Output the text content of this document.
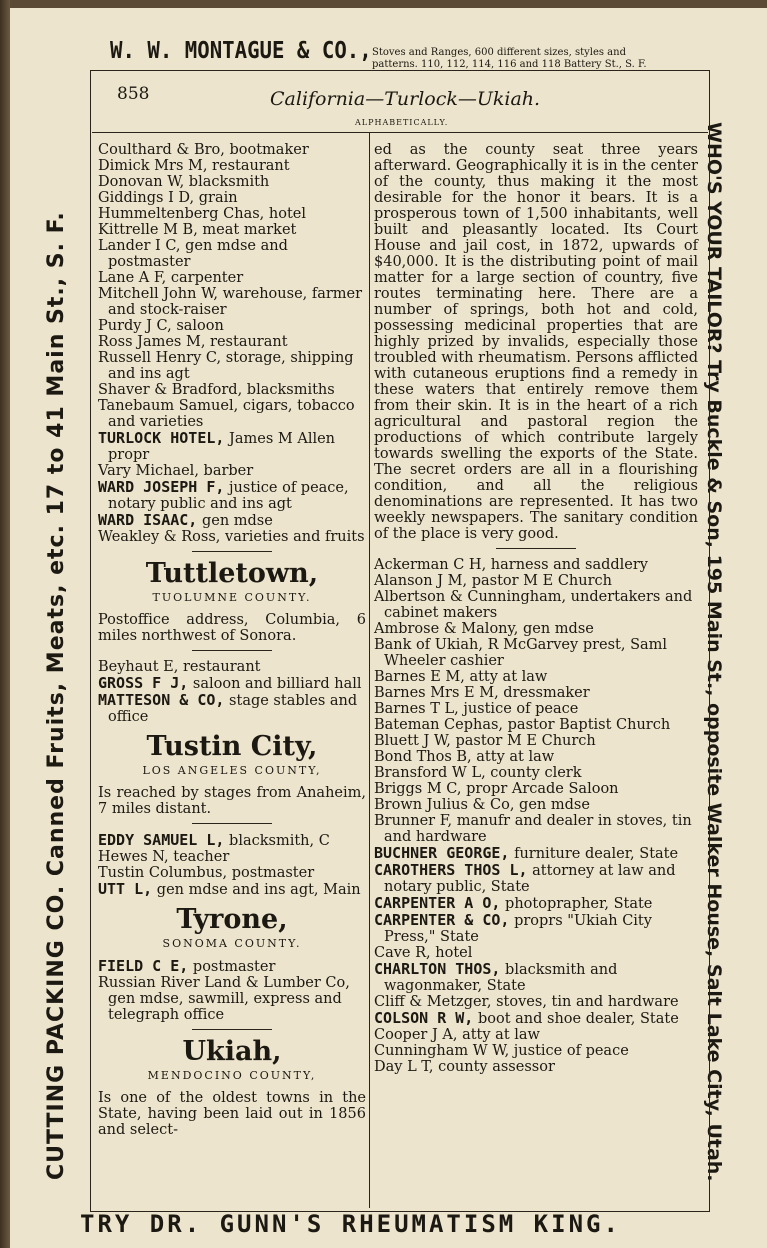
W. W. MONTAGUE & CO., Stoves and Ranges, 600 different sizes, styles and
patterns. 110, 112, 114, 116 and 118 Battery St., S. F.
CUTTING PACKING CO. Canned Fruits, Meats, etc. 17 to 41 Main St., S. F.	WHO'S YOUR TAILOR? Try Buckle & Son, 195 Main St., opposite Walker House, Salt Lake City, Utah.
TRY DR. GUNN'S RHEUMATISM KING.
858	California—Turlock—Ukiah.
ALPHABETICALLY.

Coulthard & Bro, bootmaker

Dimick Mrs M, restaurant

Donovan W, blacksmith

Giddings I D, grain

Hummeltenberg Chas, hotel

Kittrelle M B, meat market

Lander I C, gen mdse and postmaster

Lane A F, carpenter

Mitchell John W, warehouse, farmer and stock-raiser

Purdy J C, saloon

Ross James M, restaurant

Russell Henry C, storage, shipping and ins agt

Shaver & Bradford, blacksmiths

Tanebaum Samuel, cigars, tobacco and varieties

TURLOCK HOTEL, James M Allen propr

Vary Michael, barber

WARD JOSEPH F, justice of peace, notary public and ins agt

WARD ISAAC, gen mdse

Weakley & Ross, varieties and fruits

Tuttletown,
TUOLUMNE COUNTY.

Postoffice address, Columbia, 6 miles northwest of Sonora.

Beyhaut E, restaurant

GROSS F J, saloon and billiard hall

MATTESON & CO, stage stables and office

Tustin City,
LOS ANGELES COUNTY,

Is reached by stages from Anaheim, 7 miles distant.

EDDY SAMUEL L, blacksmith, C

Hewes N, teacher

Tustin Columbus, postmaster

UTT L, gen mdse and ins agt, Main

Tyrone,
SONOMA COUNTY.

FIELD C E, postmaster

Russian River Land & Lumber Co, gen mdse, sawmill, express and telegraph office

Ukiah,
MENDOCINO COUNTY,

Is one of the oldest towns in the State, having been laid out in 1856 and select-

ed as the county seat three years afterward. Geographically it is in the center of the county, thus making it the most desirable for the honor it bears. It is a prosperous town of 1,500 inhabitants, well built and pleasantly located. Its Court House and jail cost, in 1872, upwards of $40,000. It is the distributing point of mail matter for a large section of country, five routes terminating here. There are a number of springs, both hot and cold, possessing medicinal properties that are highly prized by invalids, especially those troubled with rheumatism. Persons afflicted with cutaneous eruptions find a remedy in these waters that entirely remove them from their skin. It is in the heart of a rich agricultural and pastoral region the productions of which contribute largely towards swelling the exports of the State. The secret orders are all in a flourishing condition, and all the religious denominations are represented. It has two weekly newspapers. The sanitary condition of the place is very good.

Ackerman C H, harness and saddlery

Alanson J M, pastor M E Church

Albertson & Cunningham, undertakers and cabinet makers

Ambrose & Malony, gen mdse

Bank of Ukiah, R McGarvey prest, Saml Wheeler cashier

Barnes E M, atty at law

Barnes Mrs E M, dressmaker

Barnes T L, justice of peace

Bateman Cephas, pastor Baptist Church

Bluett J W, pastor M E Church

Bond Thos B, atty at law

Bransford W L, county clerk

Briggs M C, propr Arcade Saloon

Brown Julius & Co, gen mdse

Brunner F, manufr and dealer in stoves, tin and hardware

BUCHNER GEORGE, furniture dealer, State

CAROTHERS THOS L, attorney at law and notary public, State

CARPENTER A O, photoprapher, State

CARPENTER & CO, proprs "Ukiah City Press," State

Cave R, hotel

CHARLTON THOS, blacksmith and wagonmaker, State

Cliff & Metzger, stoves, tin and hardware

COLSON R W, boot and shoe dealer, State

Cooper J A, atty at law

Cunningham W W, justice of peace

Day L T, county assessor
